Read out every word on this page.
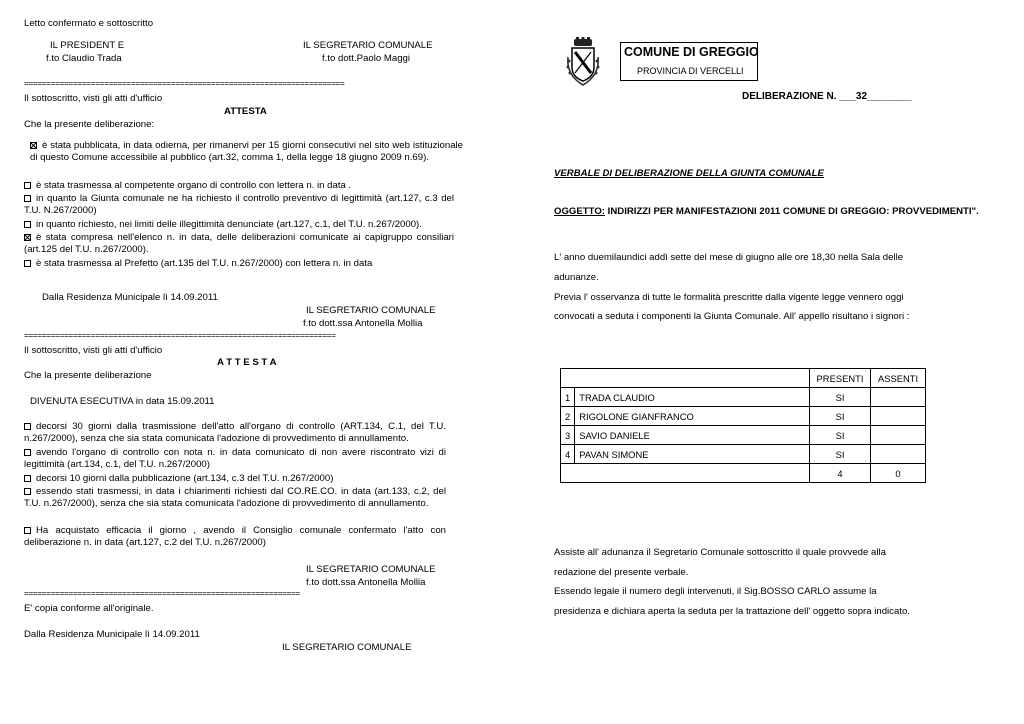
Letto confermato e sottoscritto
IL PRESIDENT E
f.to Claudio Trada
IL SEGRETARIO COMUNALE
f.to dott.Paolo Maggi
========================================================================
Il sottoscritto, visti gli atti d'ufficio
ATTESTA
Che la presente deliberazione:
è stata pubblicata, in data odierna, per rimanervi per 15 giorni consecutivi nel sito web istituzionale di questo Comune accessibile al pubblico (art.32, comma 1, della legge 18 giugno 2009 n.69).
è stata trasmessa al competente organo di controllo con lettera n. in data .
in quanto la Giunta comunale ne ha richiesto il controllo preventivo di legittimità (art.127, c.3 del T.U. N.267/2000)
in quanto richiesto, nei limiti delle illegittimità denunciate (art.127, c.1, del T.U. n.267/2000).
è stata compresa nell'elenco n. in data, delle deliberazioni comunicate ai capigruppo consiliari (art.125 del T.U. n.267/2000).
è stata trasmessa al Prefetto (art.135 del T.U. n.267/2000) con lettera n. in data
Dalla Residenza Municipale lì 14.09.2011
IL SEGRETARIO COMUNALE
f.to dott.ssa Antonella Mollia
======================================================================
Il sottoscritto, visti gli atti d'ufficio
A T T E S T A
Che la presente deliberazione
DIVENUTA ESECUTIVA in data 15.09.2011
decorsi 30 giorni dalla trasmissione dell'atto all'organo di controllo (ART.134, C.1, del T.U. n.267/2000), senza che sia stata comunicata l'adozione di provvedimento di annullamento.
avendo l'organo di controllo con nota n. in data comunicato di non avere riscontrato vizi di legittimità (art.134, c.1, del T.U. n.267/2000)
decorsi 10 giorni dalla pubblicazione (art.134, c.3 del T.U. n.267/2000)
essendo stati trasmessi, in data i chiarimenti richiesti dal CO.RE.CO. in data (art.133, c.2, del T.U. n.267/2000), senza che sia stata comunicata l'adozione di provvedimento di annullamento.
Ha acquistato efficacia il giorno , avendo il Consiglio comunale confermato l'atto con deliberazione n. in data (art.127, c.2 del T.U. n.267/2000)
IL SEGRETARIO COMUNALE
f.to dott.ssa Antonella Mollia
==============================================================
E' copia conforme all'originale.
Dalla Residenza Municipale lì 14.09.2011
IL SEGRETARIO COMUNALE
COMUNE DI GREGGIO
PROVINCIA DI VERCELLI
DELIBERAZIONE N. ___32________
VERBALE DI DELIBERAZIONE DELLA GIUNTA COMUNALE
OGGETTO: INDIRIZZI PER MANIFESTAZIONI 2011 COMUNE DI GREGGIO: PROVVEDIMENTI".
L' anno duemilaundici addì sette del mese di giugno alle ore 18,30 nella Sala delle
adunanze.
Previa l' osservanza di tutte le formalità prescritte dalla vigente legge vennero oggi
convocati a seduta i componenti la Giunta Comunale. All' appello risultano i signori :
		PRESENTI	ASSENTI
1	TRADA CLAUDIO	SI	
2	RIGOLONE GIANFRANCO	SI	
3	SAVIO DANIELE	SI	
4	PAVAN SIMONE	SI	
		4	0
Assiste all' adunanza il Segretario Comunale sottoscritto il quale provvede alla
redazione del presente verbale.
Essendo legale il numero degli intervenuti, il Sig.BOSSO CARLO assume la
presidenza e dichiara aperta la seduta per la trattazione dell' oggetto sopra indicato.
